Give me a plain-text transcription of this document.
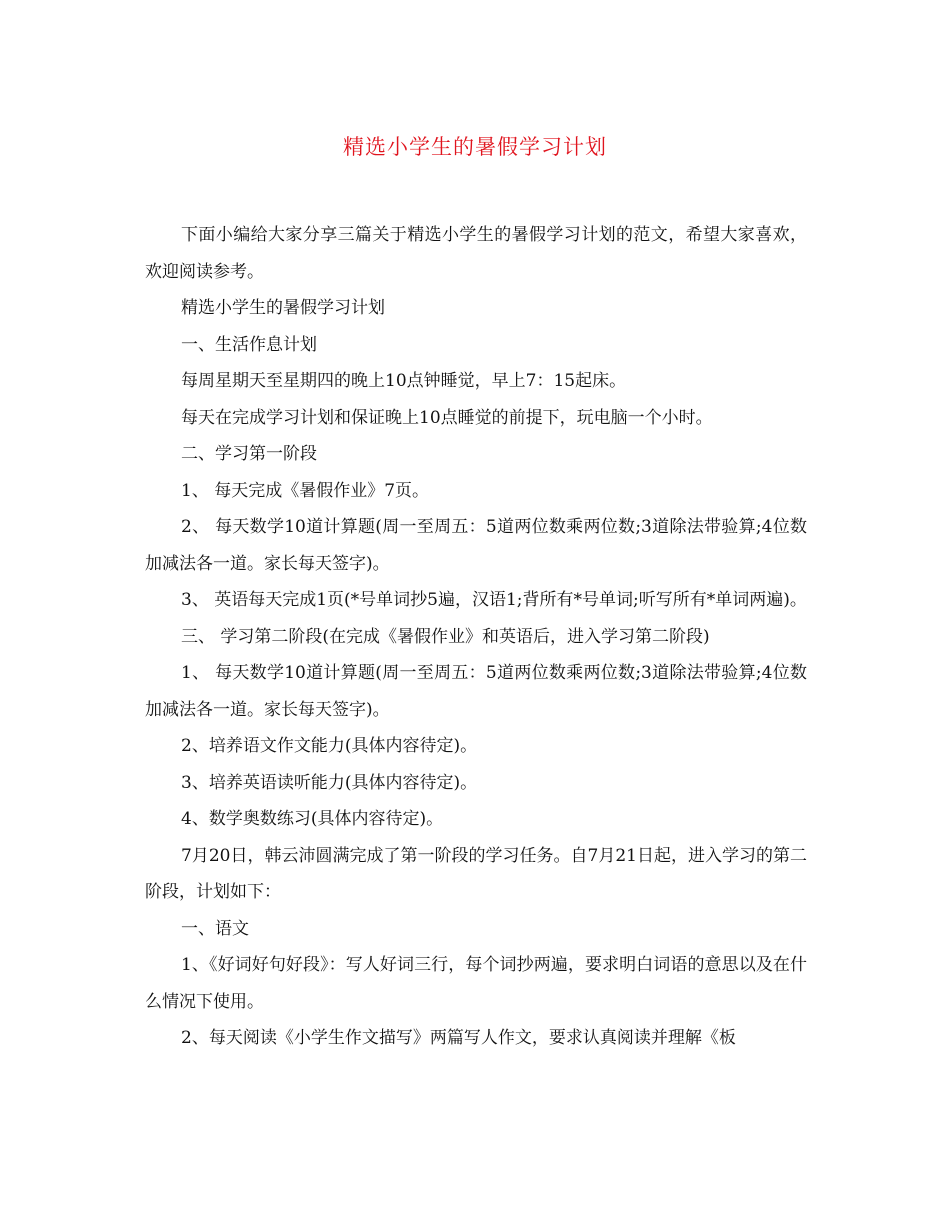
精选小学生的暑假学习计划

下面小编给大家分享三篇关于精选小学生的暑假学习计划的范文，希望大家喜欢，欢迎阅读参考。

精选小学生的暑假学习计划

一、生活作息计划

每周星期天至星期四的晚上10点钟睡觉，早上7：15起床。

每天在完成学习计划和保证晚上10点睡觉的前提下，玩电脑一个小时。

二、学习第一阶段

1、 每天完成《暑假作业》7页。

2、 每天数学10道计算题(周一至周五：5道两位数乘两位数;3道除法带验算;4位数加减法各一道。家长每天签字)。

3、 英语每天完成1页(*号单词抄5遍，汉语1;背所有*号单词;听写所有*单词两遍)。

三、 学习第二阶段(在完成《暑假作业》和英语后，进入学习第二阶段)

1、 每天数学10道计算题(周一至周五：5道两位数乘两位数;3道除法带验算;4位数加减法各一道。家长每天签字)。

2、培养语文作文能力(具体内容待定)。

3、培养英语读听能力(具体内容待定)。

4、数学奥数练习(具体内容待定)。

7月20日，韩云沛圆满完成了第一阶段的学习任务。自7月21日起，进入学习的第二阶段，计划如下：

一、语文

1、《好词好句好段》：写人好词三行，每个词抄两遍，要求明白词语的意思以及在什么情况下使用。

2、每天阅读《小学生作文描写》两篇写人作文，要求认真阅读并理解《板
